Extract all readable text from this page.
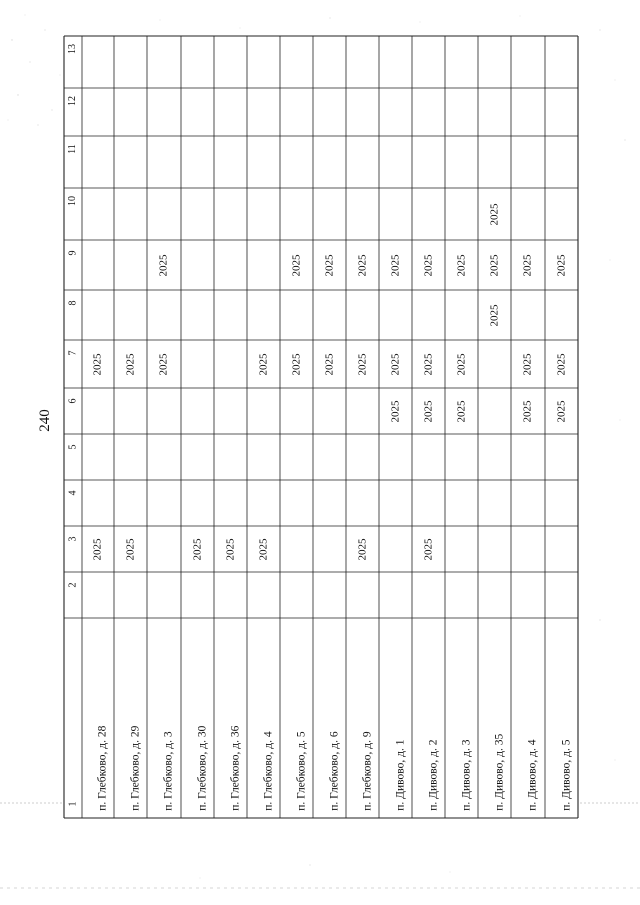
240
1
2
3
4
5
6
7
8
9
10
11
12
13
п. Глебково, д. 28
2025
2025
п. Глебково, д. 29
2025
2025
п. Глебково, д. 3
2025
2025
п. Глебково, д. 30
2025
п. Глебково, д. 36
2025
п. Глебково, д. 4
2025
2025
п. Глебково, д. 5
2025
2025
п. Глебково, д. 6
2025
2025
п. Глебково, д. 9
2025
2025
2025
п. Дивово, д. 1
2025
2025
2025
п. Дивово, д. 2
2025
2025
2025
2025
п. Дивово, д. 3
2025
2025
2025
п. Дивово, д. 35
2025
2025
2025
п. Дивово, д. 4
2025
2025
2025
п. Дивово, д. 5
2025
2025
2025
